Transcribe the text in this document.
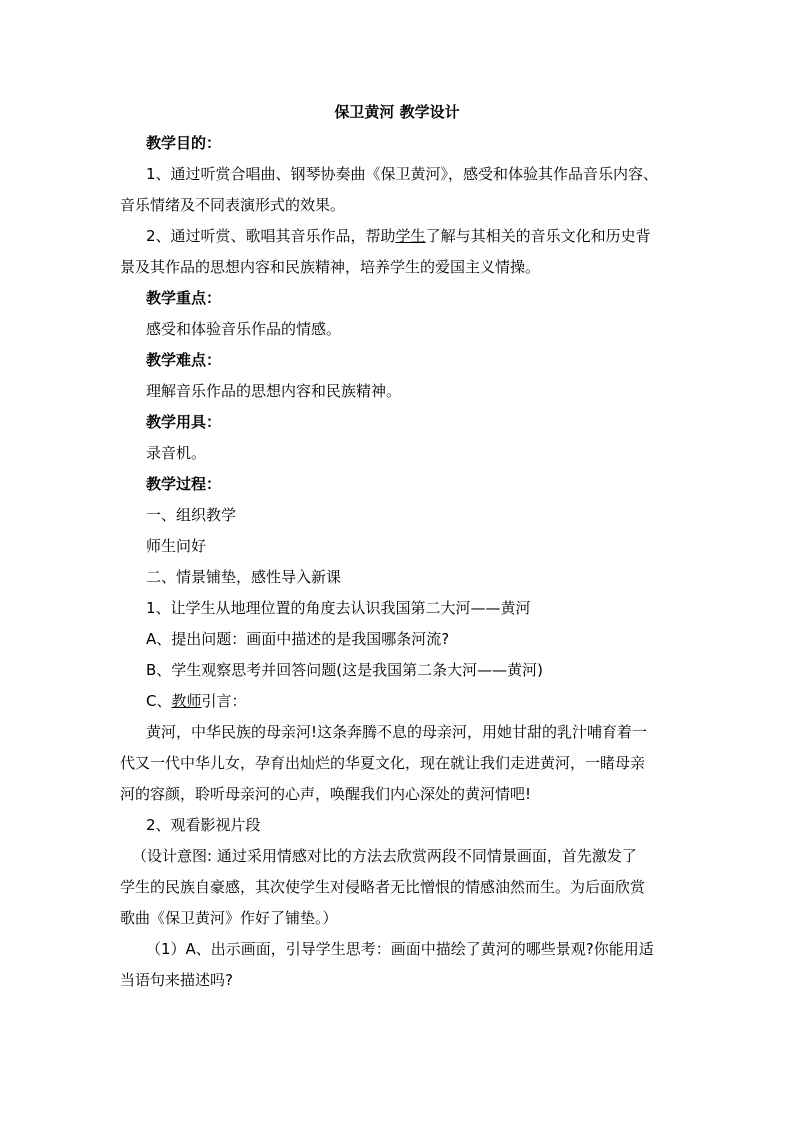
保卫黄河 教学设计
教学目的：
1、通过听赏合唱曲、钢琴协奏曲《保卫黄河》，感受和体验其作品音乐内容、
音乐情绪及不同表演形式的效果。
2、通过听赏、歌唱其音乐作品，帮助学生了解与其相关的音乐文化和历史背
景及其作品的思想内容和民族精神，培养学生的爱国主义情操。
教学重点：
感受和体验音乐作品的情感。
教学难点：
理解音乐作品的思想内容和民族精神。
教学用具：
录音机。
教学过程：
一、组织教学
师生问好
二、情景铺垫，感性导入新课
1、让学生从地理位置的角度去认识我国第二大河——黄河
A、提出问题：画面中描述的是我国哪条河流?
B、学生观察思考并回答问题(这是我国第二条大河——黄河)
C、教师引言：
黄河，中华民族的母亲河!这条奔腾不息的母亲河，用她甘甜的乳汁哺育着一
代又一代中华儿女，孕育出灿烂的华夏文化，现在就让我们走进黄河，一睹母亲
河的容颜，聆听母亲河的心声，唤醒我们内心深处的黄河情吧!
2、观看影视片段
（设计意图: 通过采用情感对比的方法去欣赏两段不同情景画面，首先激发了
学生的民族自豪感，其次使学生对侵略者无比憎恨的情感油然而生。为后面欣赏
歌曲《保卫黄河》作好了铺垫。）
（1）A、出示画面，引导学生思考：画面中描绘了黄河的哪些景观?你能用适
当语句来描述吗?
